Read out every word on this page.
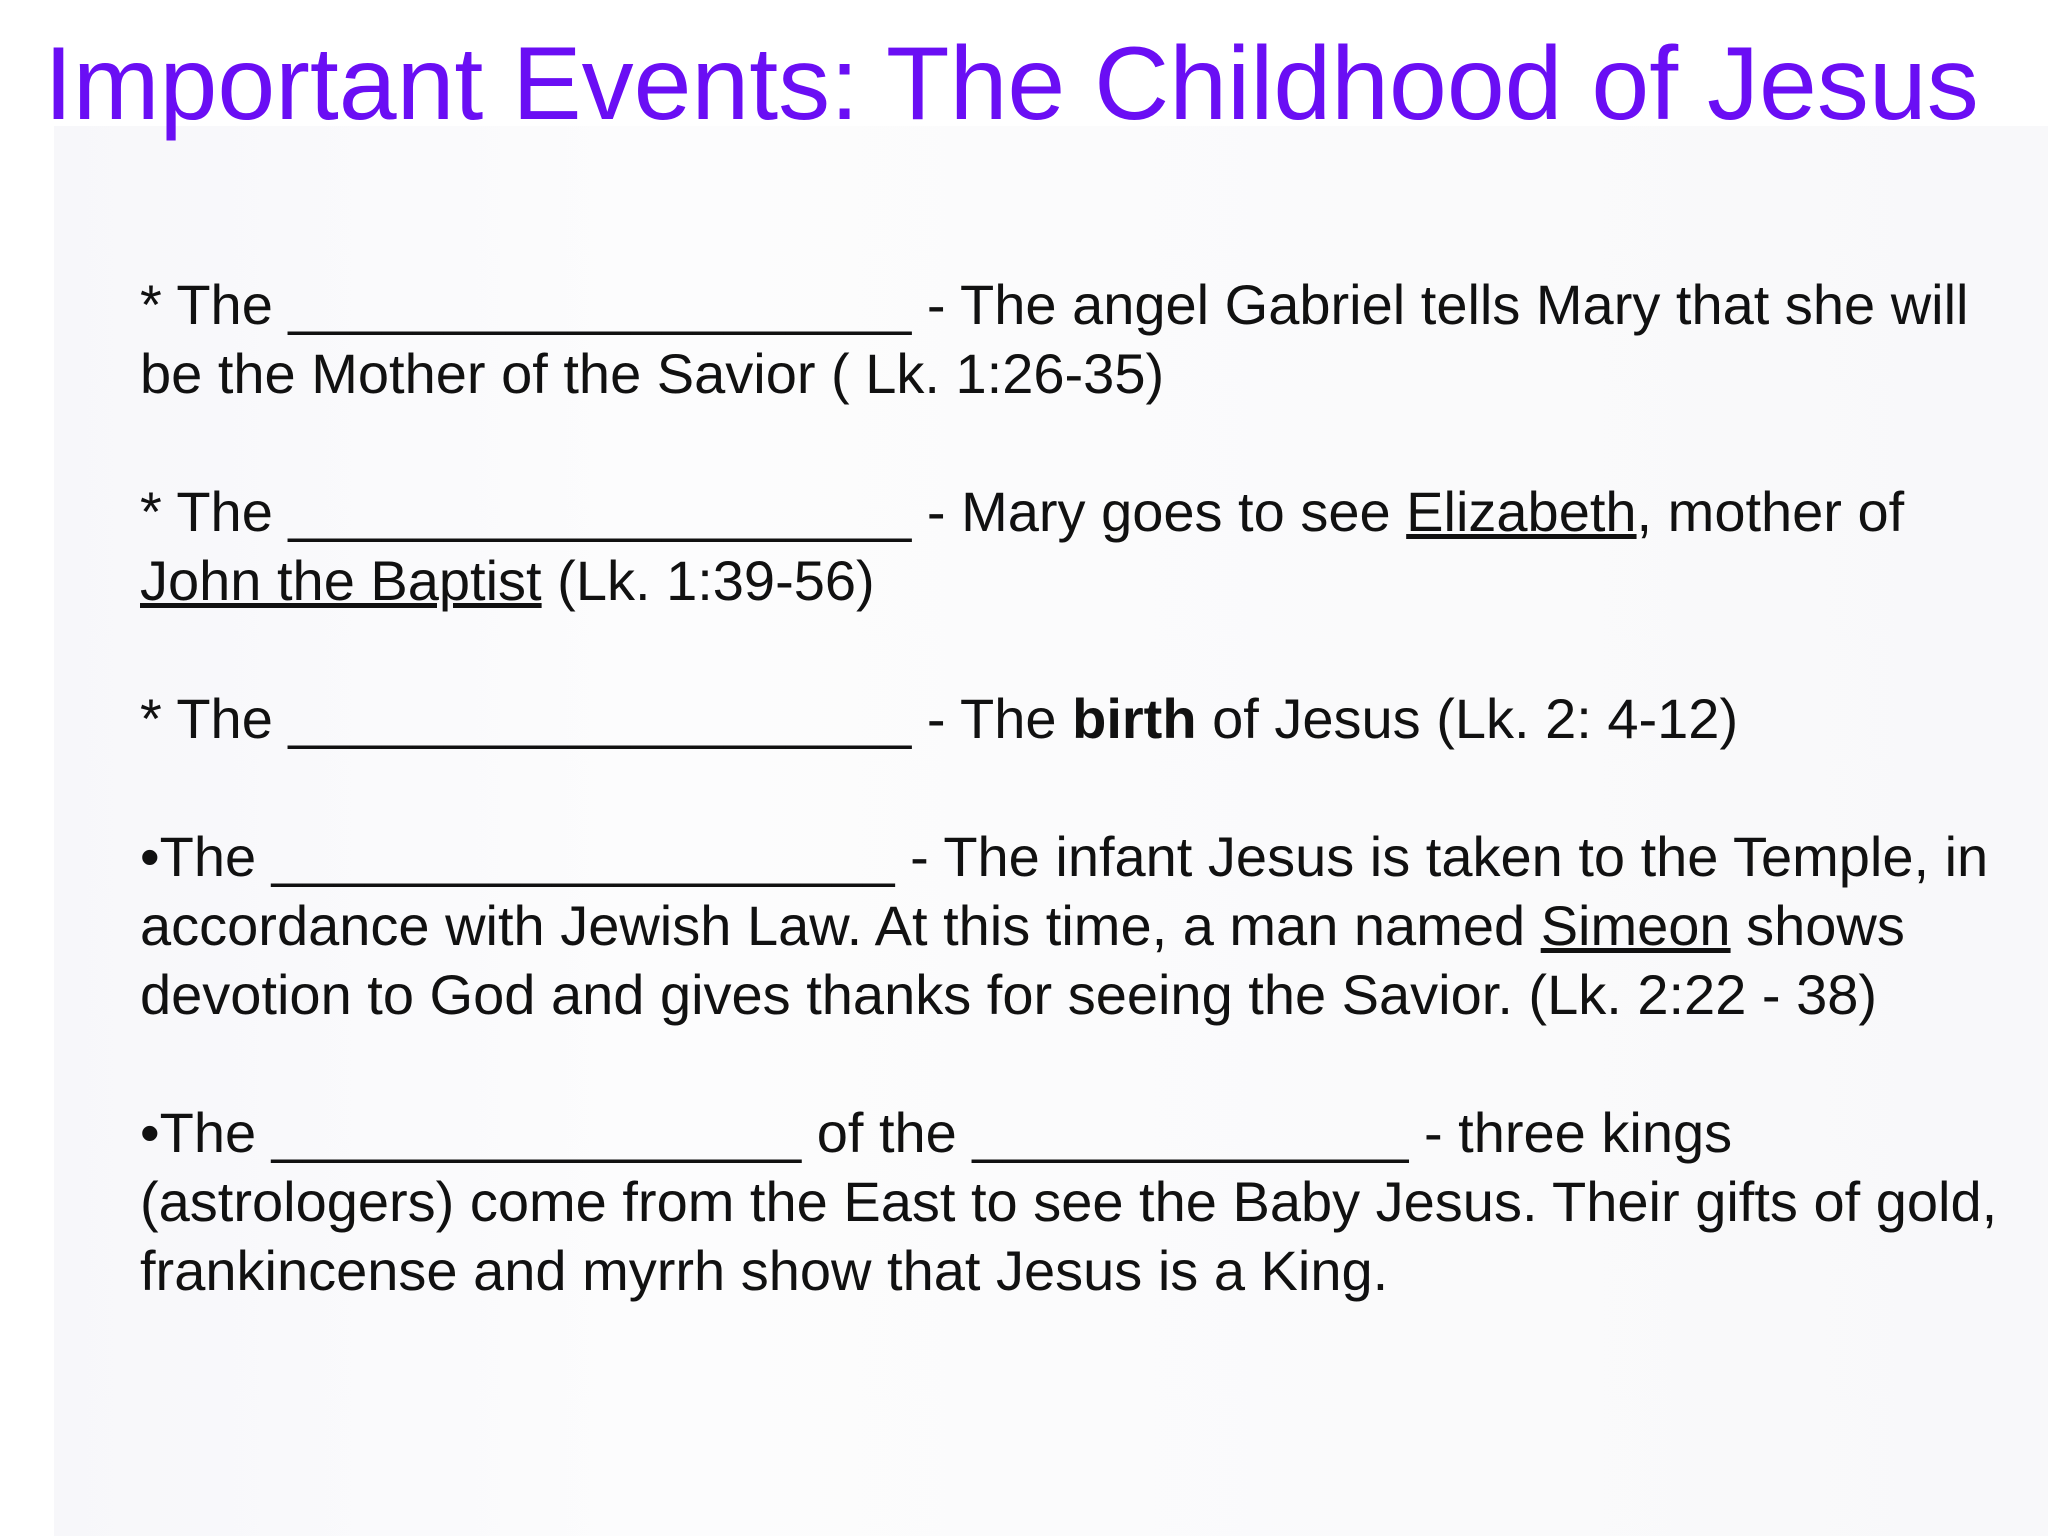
Important Events: The Childhood of Jesus

* The ____________________ - The angel Gabriel tells Mary that she will be the Mother of the Savior ( Lk. 1:26-35)

* The ____________________ - Mary goes to see Elizabeth, mother of John the Baptist (Lk. 1:39-56)

* The ____________________ - The birth of Jesus (Lk. 2: 4-12)

•The ____________________ - The infant Jesus is taken to the Temple, in accordance with Jewish Law. At this time, a man named Simeon shows devotion to God and gives thanks for seeing the Savior. (Lk. 2:22 - 38)

•The _________________ of the ______________ - three kings (astrologers) come from the East to see the Baby Jesus. Their gifts of gold, frankincense and myrrh show that Jesus is a King.
